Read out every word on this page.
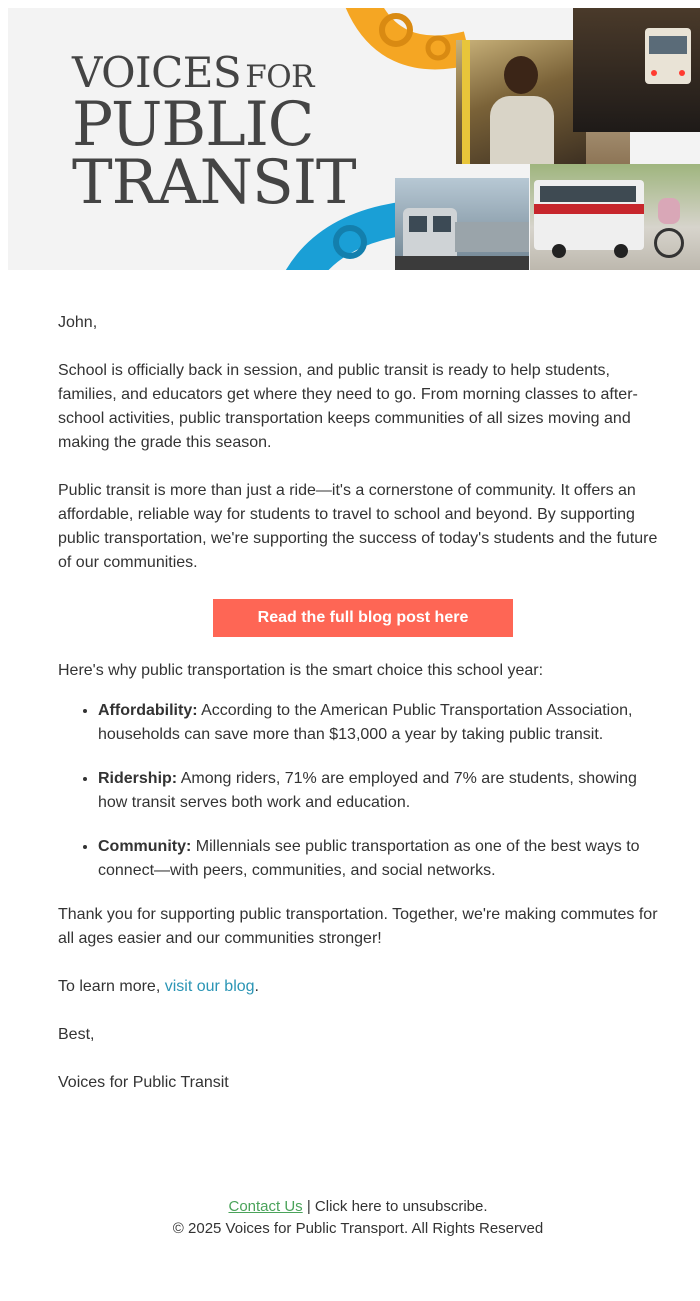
VOICES FOR
PUBLIC
TRANSIT

John,

School is officially back in session, and public transit is ready to help students, families, and educators get where they need to go. From morning classes to after-school activities, public transportation keeps communities of all sizes moving and making the grade this season.

Public transit is more than just a ride—it's a cornerstone of community. It offers an affordable, reliable way for students to travel to school and beyond. By supporting public transportation, we're supporting the success of today's students and the future of our communities.

Read the full blog post here

Here's why public transportation is the smart choice this school year:

• Affordability: According to the American Public Transportation Association, households can save more than $13,000 a year by taking public transit.
• Ridership: Among riders, 71% are employed and 7% are students, showing how transit serves both work and education.
• Community: Millennials see public transportation as one of the best ways to connect—with peers, communities, and social networks.

Thank you for supporting public transportation. Together, we're making commutes for all ages easier and our communities stronger!

To learn more, visit our blog.

Best,

Voices for Public Transit

Contact Us | Click here to unsubscribe.
© 2025 Voices for Public Transport. All Rights Reserved
